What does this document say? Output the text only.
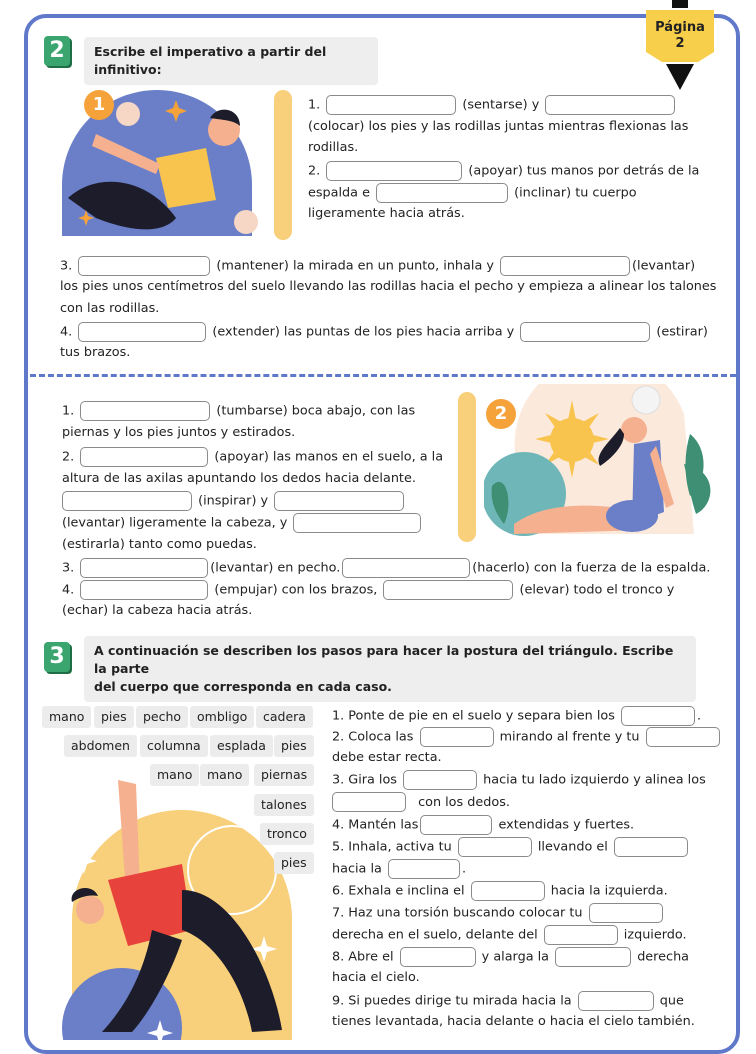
Página
2
2	Escribe el imperativo a partir del infinitivo:
1	1.	(sentarse) y
(colocar) los pies y las rodillas juntas mientras flexionas las
rodillas.
2.	(apoyar) tus manos por detrás de la
espalda e	(inclinar) tu cuerpo
ligeramente hacia atrás.
3.	(mantener) la mirada en un punto, inhala y	(levantar)
los pies unos centímetros del suelo llevando las rodillas hacia el pecho y empieza a alinear los talones
con las rodillas.
4.	(extender) las puntas de los pies hacia arriba y	(estirar)
tus brazos.
1.	(tumbarse) boca abajo, con las
piernas y los pies juntos y estirados.
2.	(apoyar) las manos en el suelo, a la
altura de las axilas apuntando los dedos hacia delante.
(inspirar) y
(levantar) ligeramente la cabeza, y
(estirarla) tanto como puedas.
3.	(levantar) en pecho.	(hacerlo) con la fuerza de la espalda.
4.	(empujar) con los brazos,	(elevar) todo el tronco y
(echar) la cabeza hacia atrás.
2
3	A continuación se describen los pasos para hacer la postura del triángulo. Escribe la parte
del cuerpo que corresponda en cada caso.
mano	pies	pecho	ombligo	cadera
abdomen	columna	esplada	pies
mano	mano	piernas
talones
tronco
pies
1. Ponte de pie en el suelo y separa bien los	.
2. Coloca las	mirando al frente y tu
debe estar recta.
3. Gira los	hacia tu lado izquierdo y alinea los
con los dedos.
4. Mantén las	extendidas y fuertes.
5. Inhala, activa tu	llevando el
hacia la	.
6. Exhala e inclina el	hacia la izquierda.
7. Haz una torsión buscando colocar tu
derecha en el suelo, delante del	izquierdo.
8. Abre el	y alarga la	derecha
hacia el cielo.
9. Si puedes dirige tu mirada hacia la	que
tienes levantada, hacia delante o hacia el cielo también.
